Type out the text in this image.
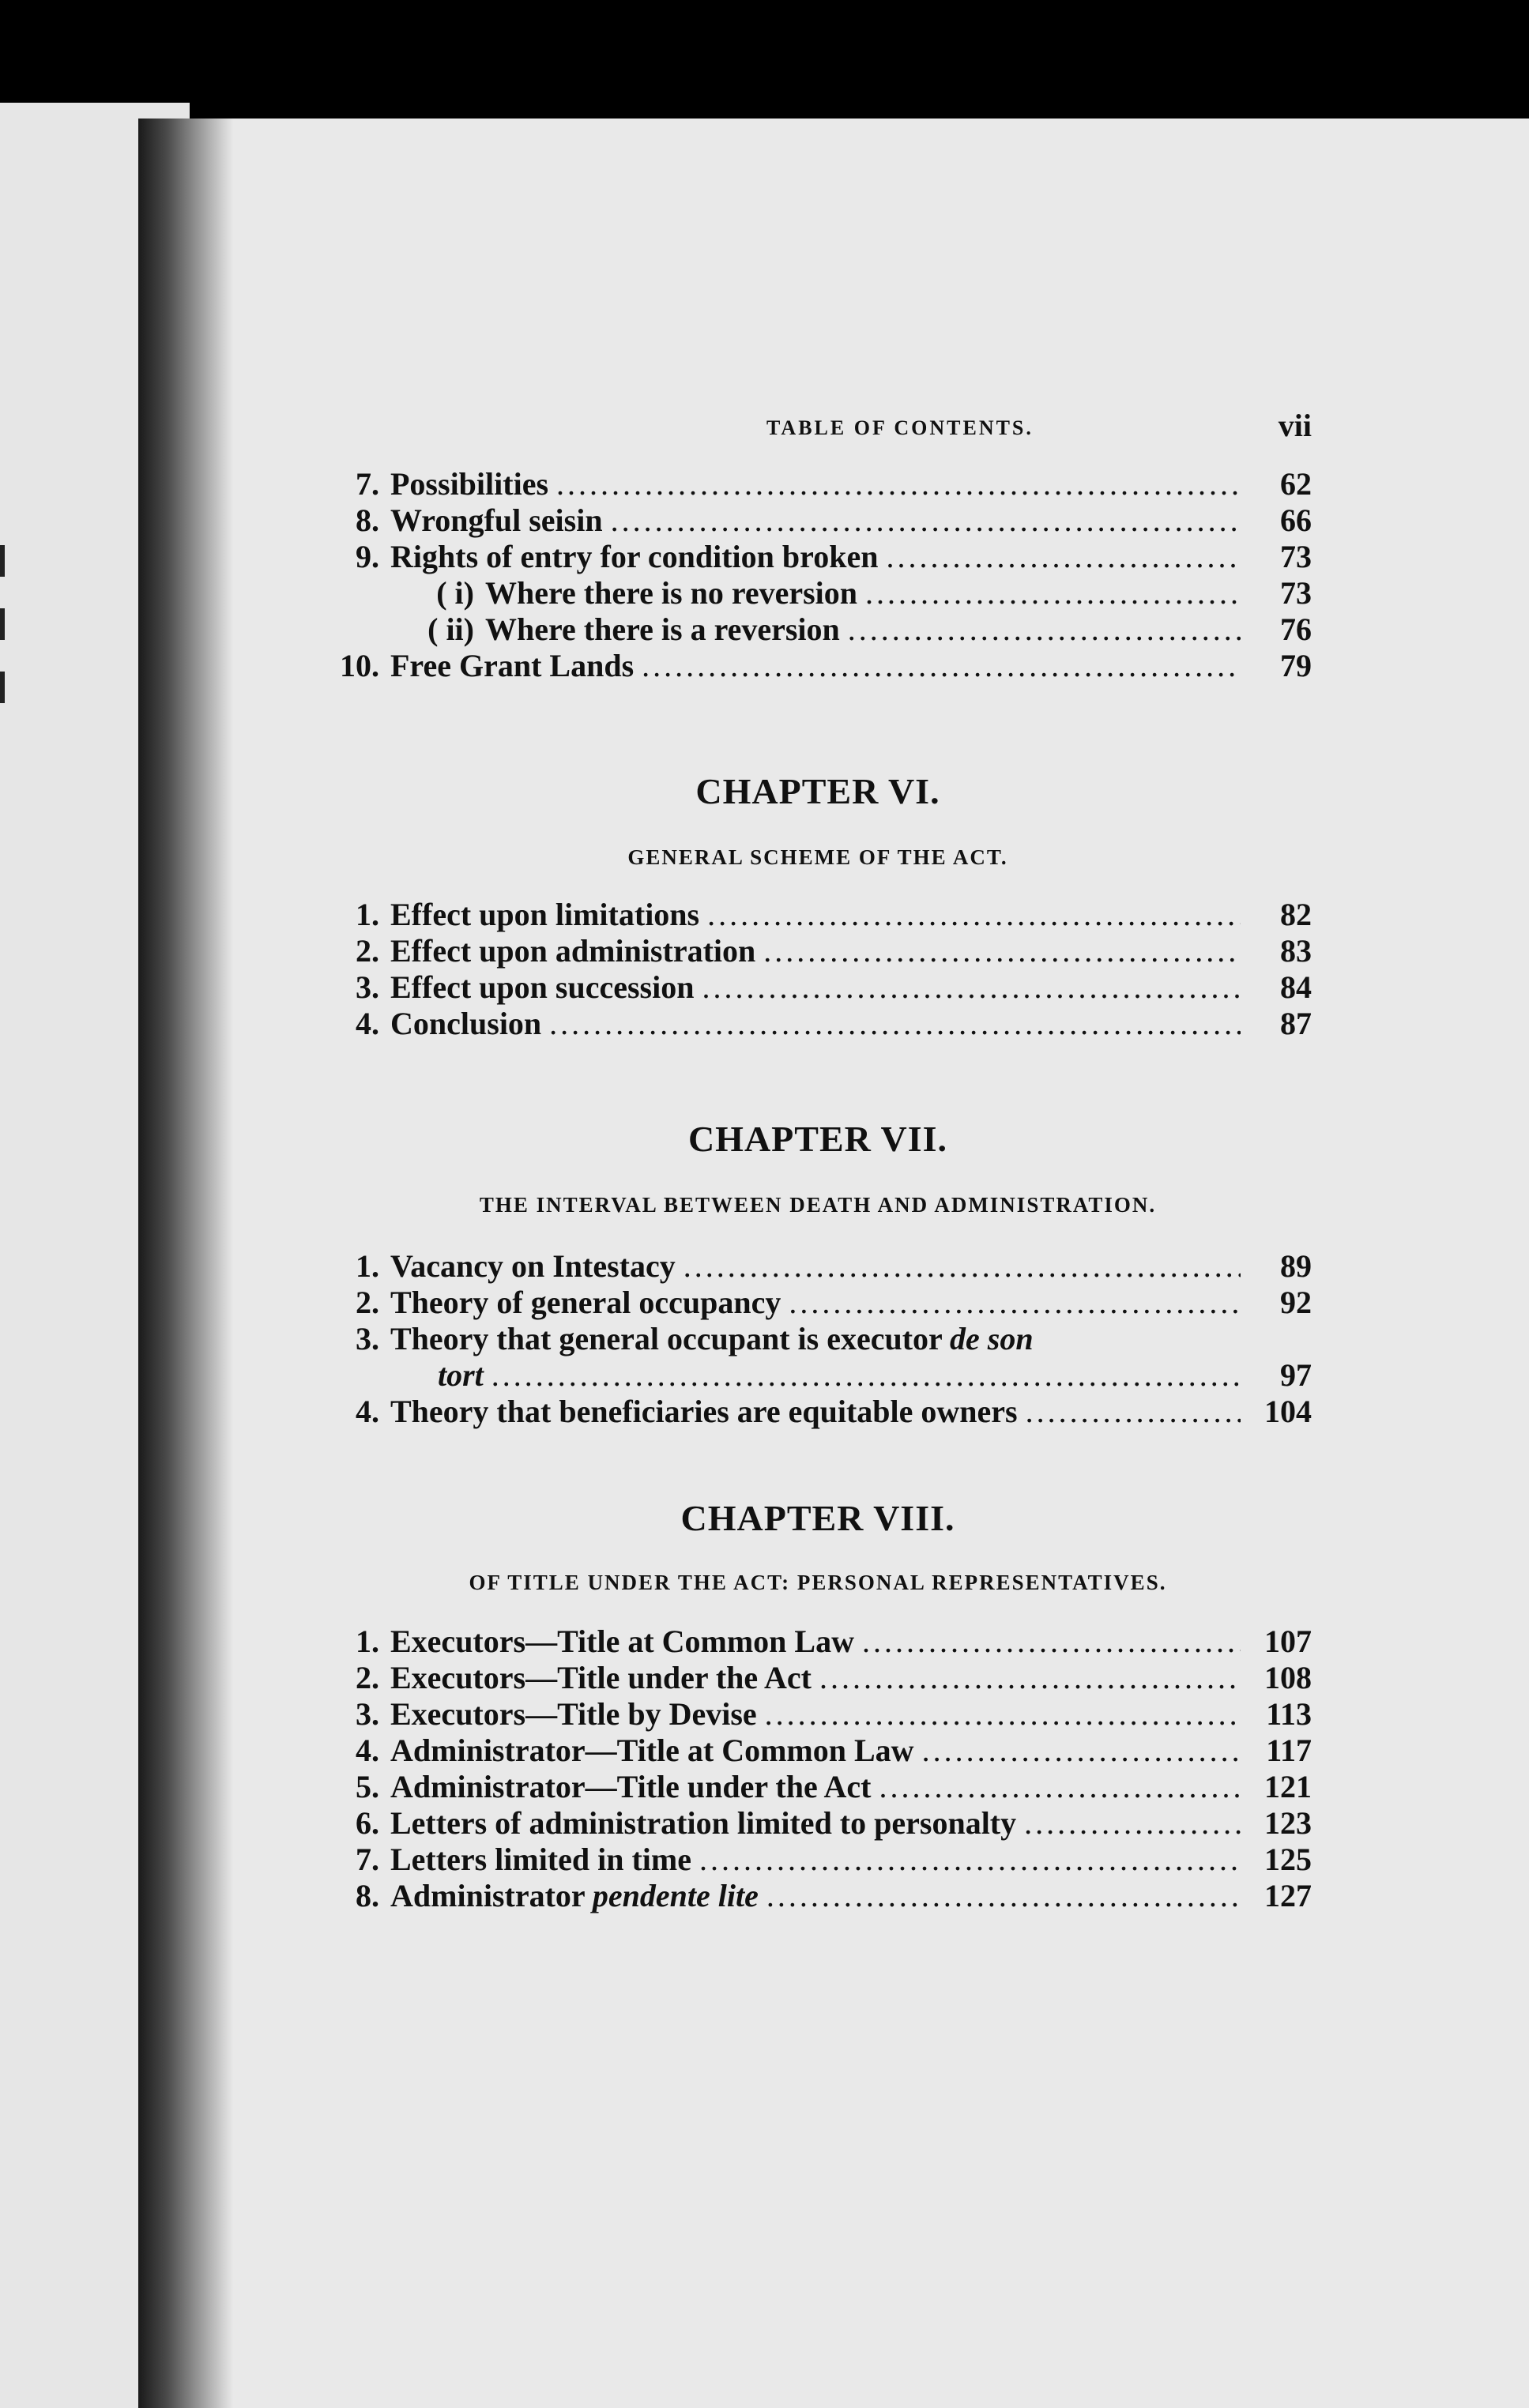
TABLE OF CONTENTS.	vii
7. Possibilities .....	62
8. Wrongful seisin .....	66
9. Rights of entry for condition broken .....	73
( i) Where there is no reversion .....	73
( ii) Where there is a reversion .....	76
10. Free Grant Lands .....	79
CHAPTER VI.
GENERAL SCHEME OF THE ACT.
1. Effect upon limitations .....	82
2. Effect upon administration .....	83
3. Effect upon succession .....	84
4. Conclusion .....	87
CHAPTER VII.
THE INTERVAL BETWEEN DEATH AND ADMINISTRATION.
1. Vacancy on Intestacy .....	89
2. Theory of general occupancy .....	92
3. Theory that general occupant is executor de son
tort .....	97
4. Theory that beneficiaries are equitable owners .....	104
CHAPTER VIII.
OF TITLE UNDER THE ACT: PERSONAL REPRESENTATIVES.
1. Executors—Title at Common Law .....	107
2. Executors—Title under the Act .....	108
3. Executors—Title by Devise .....	113
4. Administrator—Title at Common Law .....	117
5. Administrator—Title under the Act .....	121
6. Letters of administration limited to personalty .....	123
7. Letters limited in time .....	125
8. Administrator pendente lite .....	127
